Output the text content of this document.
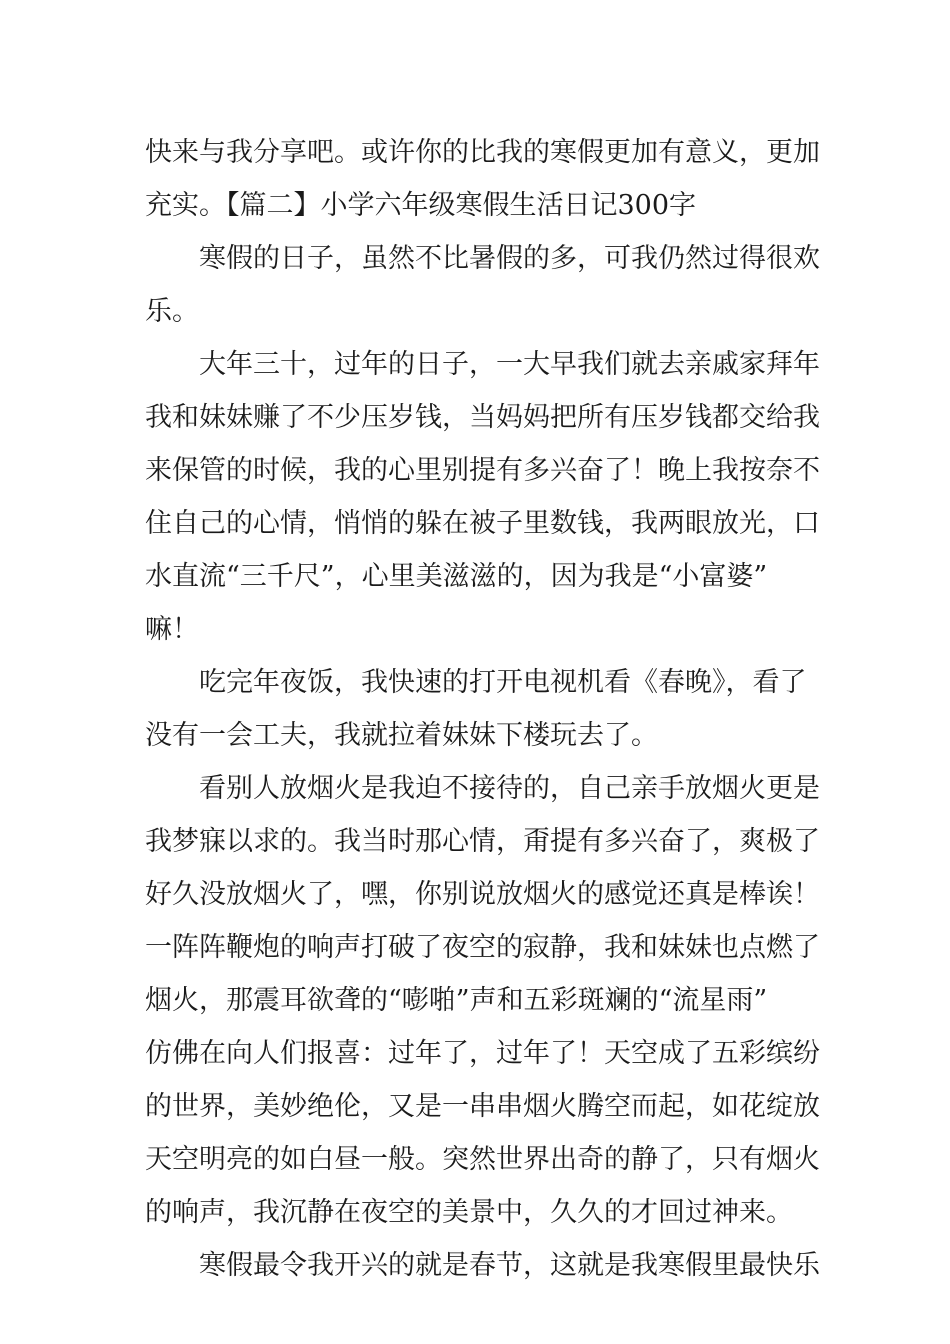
快来与我分享吧。或许你的比我的寒假更加有意义，更加
充实。【篇二】小学六年级寒假生活日记300字
寒假的日子，虽然不比暑假的多，可我仍然过得很欢
乐。
大年三十，过年的日子，一大早我们就去亲戚家拜年
我和妹妹赚了不少压岁钱，当妈妈把所有压岁钱都交给我
来保管的时候，我的心里别提有多兴奋了！晚上我按奈不
住自己的心情，悄悄的躲在被子里数钱，我两眼放光，口
水直流“三千尺”，心里美滋滋的，因为我是“小富婆”
嘛！
吃完年夜饭，我快速的打开电视机看《春晚》，看了
没有一会工夫，我就拉着妹妹下楼玩去了。
看别人放烟火是我迫不接待的，自己亲手放烟火更是
我梦寐以求的。我当时那心情，甭提有多兴奋了，爽极了
好久没放烟火了，嘿，你别说放烟火的感觉还真是棒诶！
一阵阵鞭炮的响声打破了夜空的寂静，我和妹妹也点燃了
烟火，那震耳欲聋的“嘭啪”声和五彩斑斓的“流星雨”
仿佛在向人们报喜：过年了，过年了！天空成了五彩缤纷
的世界，美妙绝伦，又是一串串烟火腾空而起，如花绽放
天空明亮的如白昼一般。突然世界出奇的静了，只有烟火
的响声，我沉静在夜空的美景中，久久的才回过神来。
寒假最令我开兴的就是春节，这就是我寒假里最快乐
